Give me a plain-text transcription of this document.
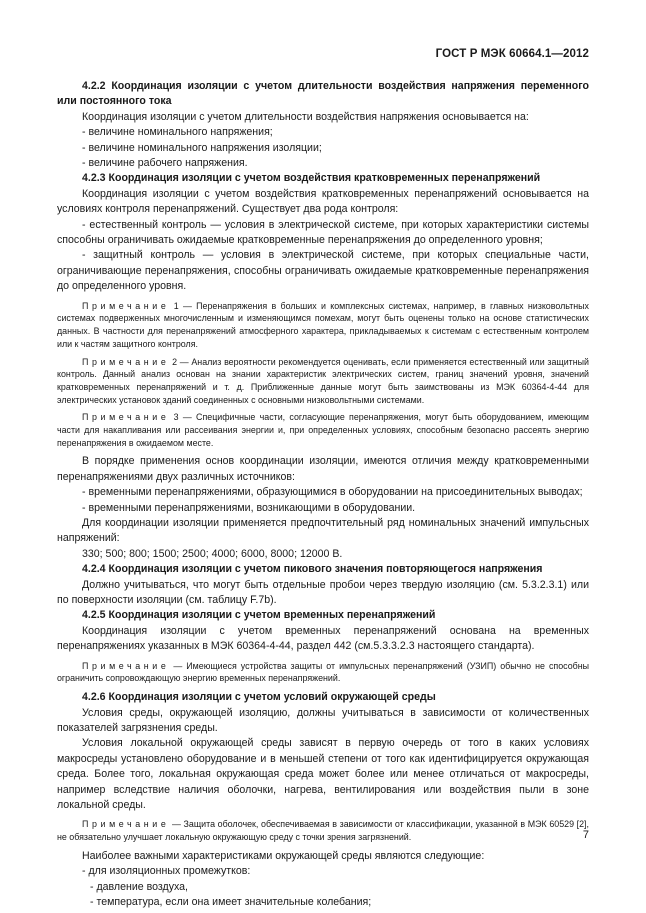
ГОСТ Р МЭК 60664.1—2012

4.2.2 Координация изоляции с учетом длительности воздействия напряжения переменного или постоянного тока

Координация изоляции с учетом длительности воздействия напряжения основывается на:

- величине номинального напряжения;

- величине номинального напряжения изоляции;

- величине рабочего напряжения.

4.2.3 Координация изоляции с учетом воздействия кратковременных перенапряжений

Координация изоляции с учетом воздействия кратковременных перенапряжений основывается на условиях контроля перенапряжений. Существует два рода контроля:

- естественный контроль — условия в электрической системе, при которых характеристики системы способны ограничивать ожидаемые кратковременные перенапряжения до определенного уровня;

- защитный контроль — условия в электрической системе, при которых специальные части, ограничивающие перенапряжения, способны ограничивать ожидаемые кратковременные перенапряжения до определенного уровня.

Примечание 1 — Перенапряжения в больших и комплексных системах, например, в главных низковольтных системах подверженных многочисленным и изменяющимся помехам, могут быть оценены только на основе статистических данных. В частности для перенапряжений атмосферного характера, прикладываемых к системам с естественным контролем или к частям защитного контроля.

Примечание 2 — Анализ вероятности рекомендуется оценивать, если применяется естественный или защитный контроль. Данный анализ основан на знании характеристик электрических систем, границ значений уровня, значений кратковременных перенапряжений и т. д. Приближенные данные могут быть заимствованы из МЭК 60364-4-44 для электрических установок зданий соединенных с основными низковольтными системами.

Примечание 3 — Специфичные части, согласующие перенапряжения, могут быть оборудованием, имеющим части для накапливания или рассеивания энергии и, при определенных условиях, способным безопасно рассеять энергию перенапряжения в ожидаемом месте.

В порядке применения основ координации изоляции, имеются отличия между кратковременными перенапряжениями двух различных источников:

- временными перенапряжениями, образующимися в оборудовании на присоединительных выводах;

- временными перенапряжениями, возникающими в оборудовании.

Для координации изоляции применяется предпочтительный ряд номинальных значений импульсных напряжений:

330; 500; 800; 1500; 2500; 4000; 6000, 8000; 12000 В.

4.2.4 Координация изоляции с учетом пикового значения повторяющегося напряжения

Должно учитываться, что могут быть отдельные пробои через твердую изоляцию (см. 5.3.2.3.1) или по поверхности изоляции (см. таблицу F.7b).

4.2.5 Координация изоляции с учетом временных перенапряжений

Координация изоляции с учетом временных перенапряжений основана на временных перенапряжениях указанных в МЭК 60364-4-44, раздел 442 (см.5.3.3.2.3 настоящего стандарта).

Примечание — Имеющиеся устройства защиты от импульсных перенапряжений (УЗИП) обычно не способны ограничить сопровождающую энергию временных перенапряжений.

4.2.6 Координация изоляции с учетом условий окружающей среды

Условия среды, окружающей изоляцию, должны учитываться в зависимости от количественных показателей загрязнения среды.

Условия локальной окружающей среды зависят в первую очередь от того в каких условиях макросреды установлено оборудование и в меньшей степени от того как идентифицируется окружающая среда. Более того, локальная окружающая среда может более или менее отличаться от макросреды, например вследствие наличия оболочки, нагрева, вентилирования или воздействия пыли в зоне локальной среды.

Примечание — Защита оболочек, обеспечиваемая в зависимости от классификации, указанной в МЭК 60529 [2], не обязательно улучшает локальную окружающую среду с точки зрения загрязнений.

Наиболее важными характеристиками окружающей среды являются следующие:

- для изоляционных промежутков:

- давление воздуха,

- температура, если она имеет значительные колебания;

7
